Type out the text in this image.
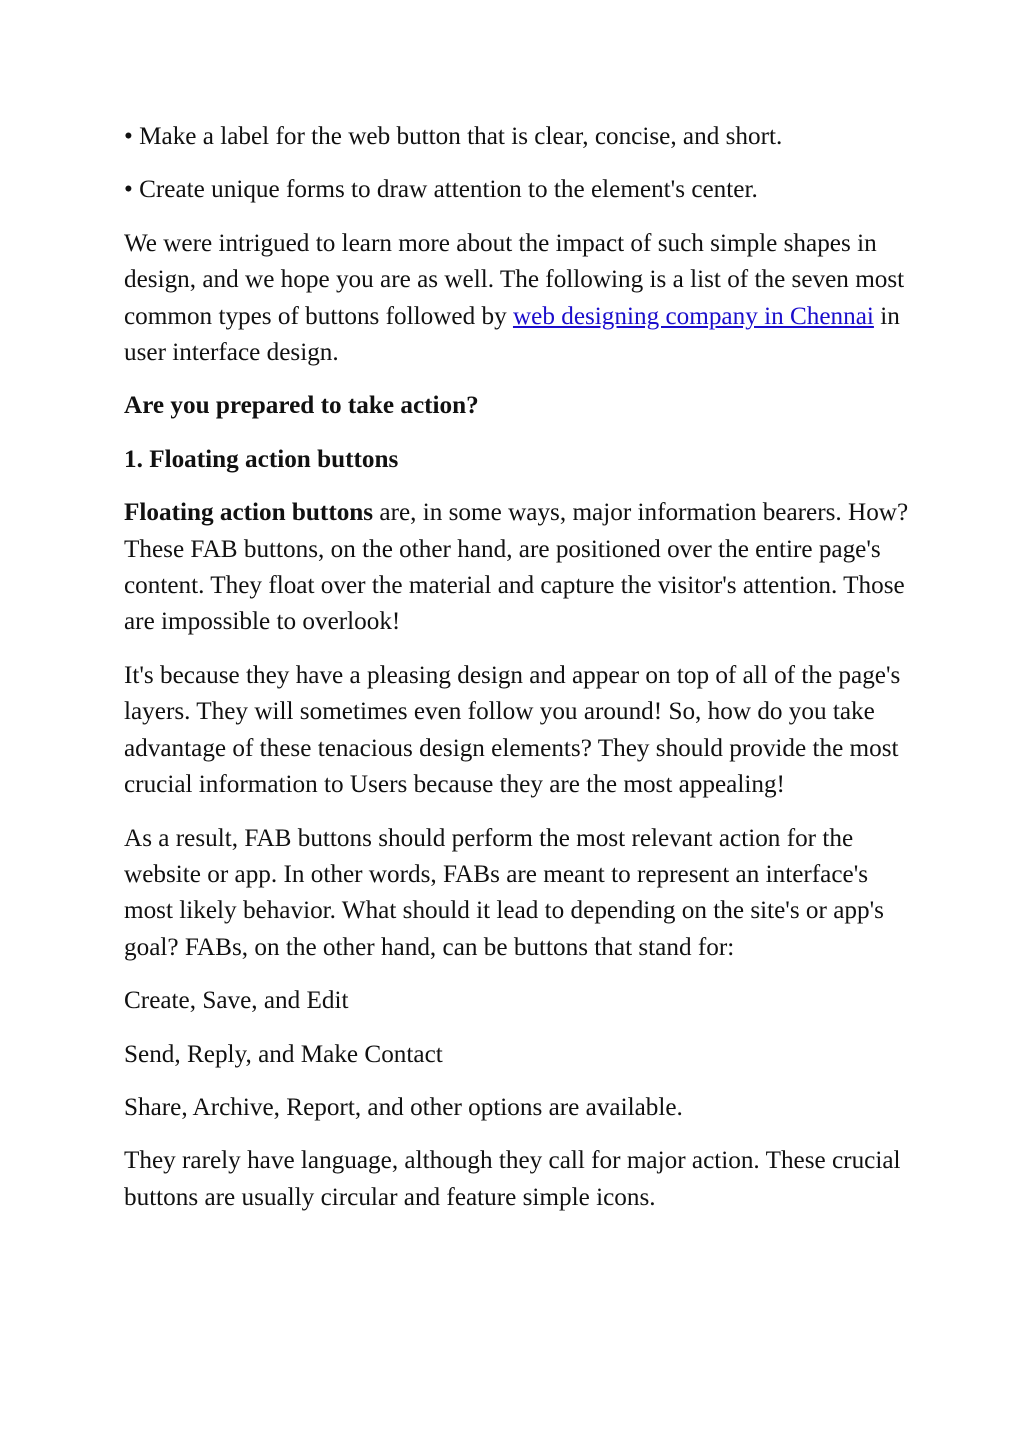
• Make a label for the web button that is clear, concise, and short.

• Create unique forms to draw attention to the element's center.

We were intrigued to learn more about the impact of such simple shapes in design, and we hope you are as well. The following is a list of the seven most common types of buttons followed by web designing company in Chennai in user interface design.

Are you prepared to take action?
1. Floating action buttons

Floating action buttons are, in some ways, major information bearers. How? These FAB buttons, on the other hand, are positioned over the entire page's content. They float over the material and capture the visitor's attention. Those are impossible to overlook!

It's because they have a pleasing design and appear on top of all of the page's layers. They will sometimes even follow you around! So, how do you take advantage of these tenacious design elements? They should provide the most crucial information to Users because they are the most appealing!

As a result, FAB buttons should perform the most relevant action for the website or app. In other words, FABs are meant to represent an interface's most likely behavior. What should it lead to depending on the site's or app's goal? FABs, on the other hand, can be buttons that stand for:

Create, Save, and Edit

Send, Reply, and Make Contact

Share, Archive, Report, and other options are available.

They rarely have language, although they call for major action. These crucial buttons are usually circular and feature simple icons.
